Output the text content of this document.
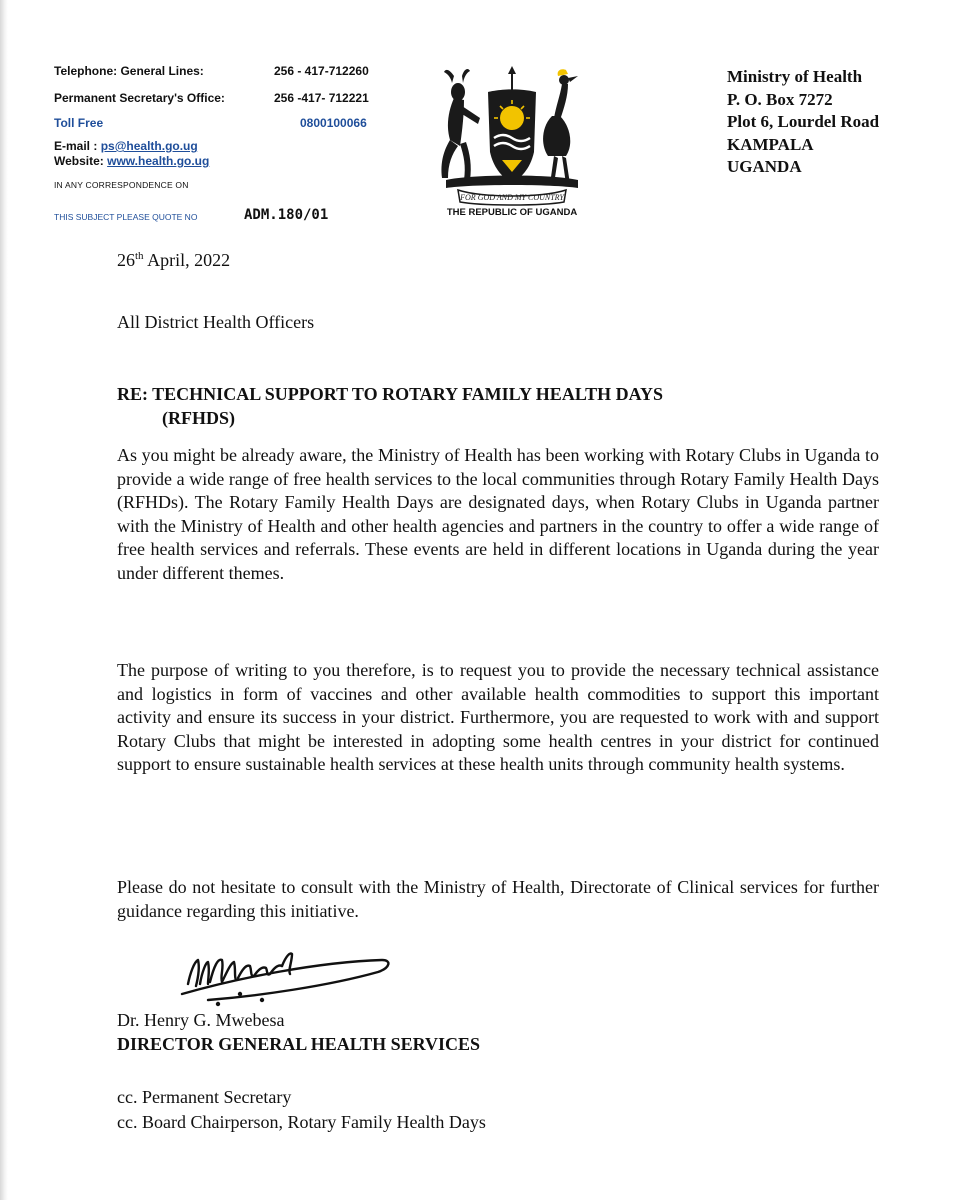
Telephone: General Lines:	256 - 417-712260
Permanent Secretary's Office:	256 -417- 712221
Toll Free	0800100066
E-mail : ps@health.go.ug
Website: www.health.go.ug
IN ANY CORRESPONDENCE ON
THIS SUBJECT PLEASE QUOTE NO	ADM.180/01
FOR GOD AND MY COUNTRY
THE REPUBLIC OF UGANDA
Ministry of Health
P. O. Box 7272
Plot 6, Lourdel Road
KAMPALA
UGANDA
26th April, 2022
All District Health Officers
RE: TECHNICAL SUPPORT TO ROTARY FAMILY HEALTH DAYS
(RFHDS)
As you might be already aware, the Ministry of Health has been working with Rotary Clubs in Uganda to provide a wide range of free health services to the local communities through Rotary Family Health Days (RFHDs). The Rotary Family Health Days are designated days, when Rotary Clubs in Uganda partner with the Ministry of Health and other health agencies and partners in the country to offer a wide range of free health services and referrals. These events are held in different locations in Uganda during the year under different themes.
The purpose of writing to you therefore, is to request you to provide the necessary technical assistance and logistics in form of vaccines and other available health commodities to support this important activity and ensure its success in your district. Furthermore, you are requested to work with and support Rotary Clubs that might be interested in adopting some health centres in your district for continued support to ensure sustainable health services at these health units through community health systems.
Please do not hesitate to consult with the Ministry of Health, Directorate of Clinical services for further guidance regarding this initiative.
Dr. Henry G. Mwebesa
DIRECTOR GENERAL HEALTH SERVICES
cc. Permanent Secretary
cc. Board Chairperson, Rotary Family Health Days
